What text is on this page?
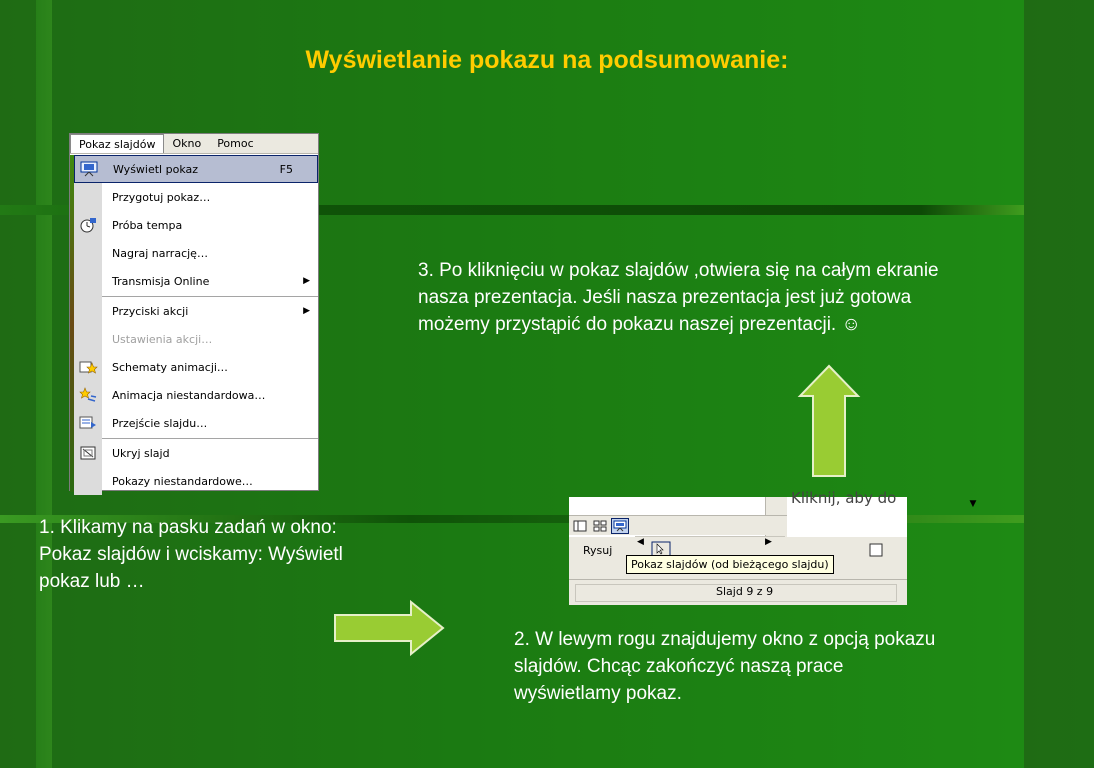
Wyświetlanie pokazu na podsumowanie:
Pokaz slajdów	Okno	Pomoc
Wyświetl pokaz	F5
Przygotuj pokaz…
Próba tempa
Nagraj narrację…
Transmisja Online	▶
Przyciski akcji	▶
Ustawienia akcji…
Schematy animacji…
Animacja niestandardowa…
Przejście slajdu…
Ukryj slajd
Pokazy niestandardowe…
1. Klikamy na pasku zadań w okno: Pokaz slajdów i wciskamy: Wyświetl pokaz lub …
3. Po kliknięciu w pokaz slajdów ,otwiera się na całym ekranie nasza prezentacja. Jeśli nasza prezentacja jest już gotowa możemy przystąpić do pokazu naszej prezentacji. ☺
2. W lewym rogu znajdujemy okno z opcją pokazu slajdów. Chcąc zakończyć naszą prace wyświetlamy pokaz.
Kliknij, aby do	▼
◀	▶
Rysuj
Pokaz slajdów (od bieżącego slajdu)
Slajd 9 z 9
